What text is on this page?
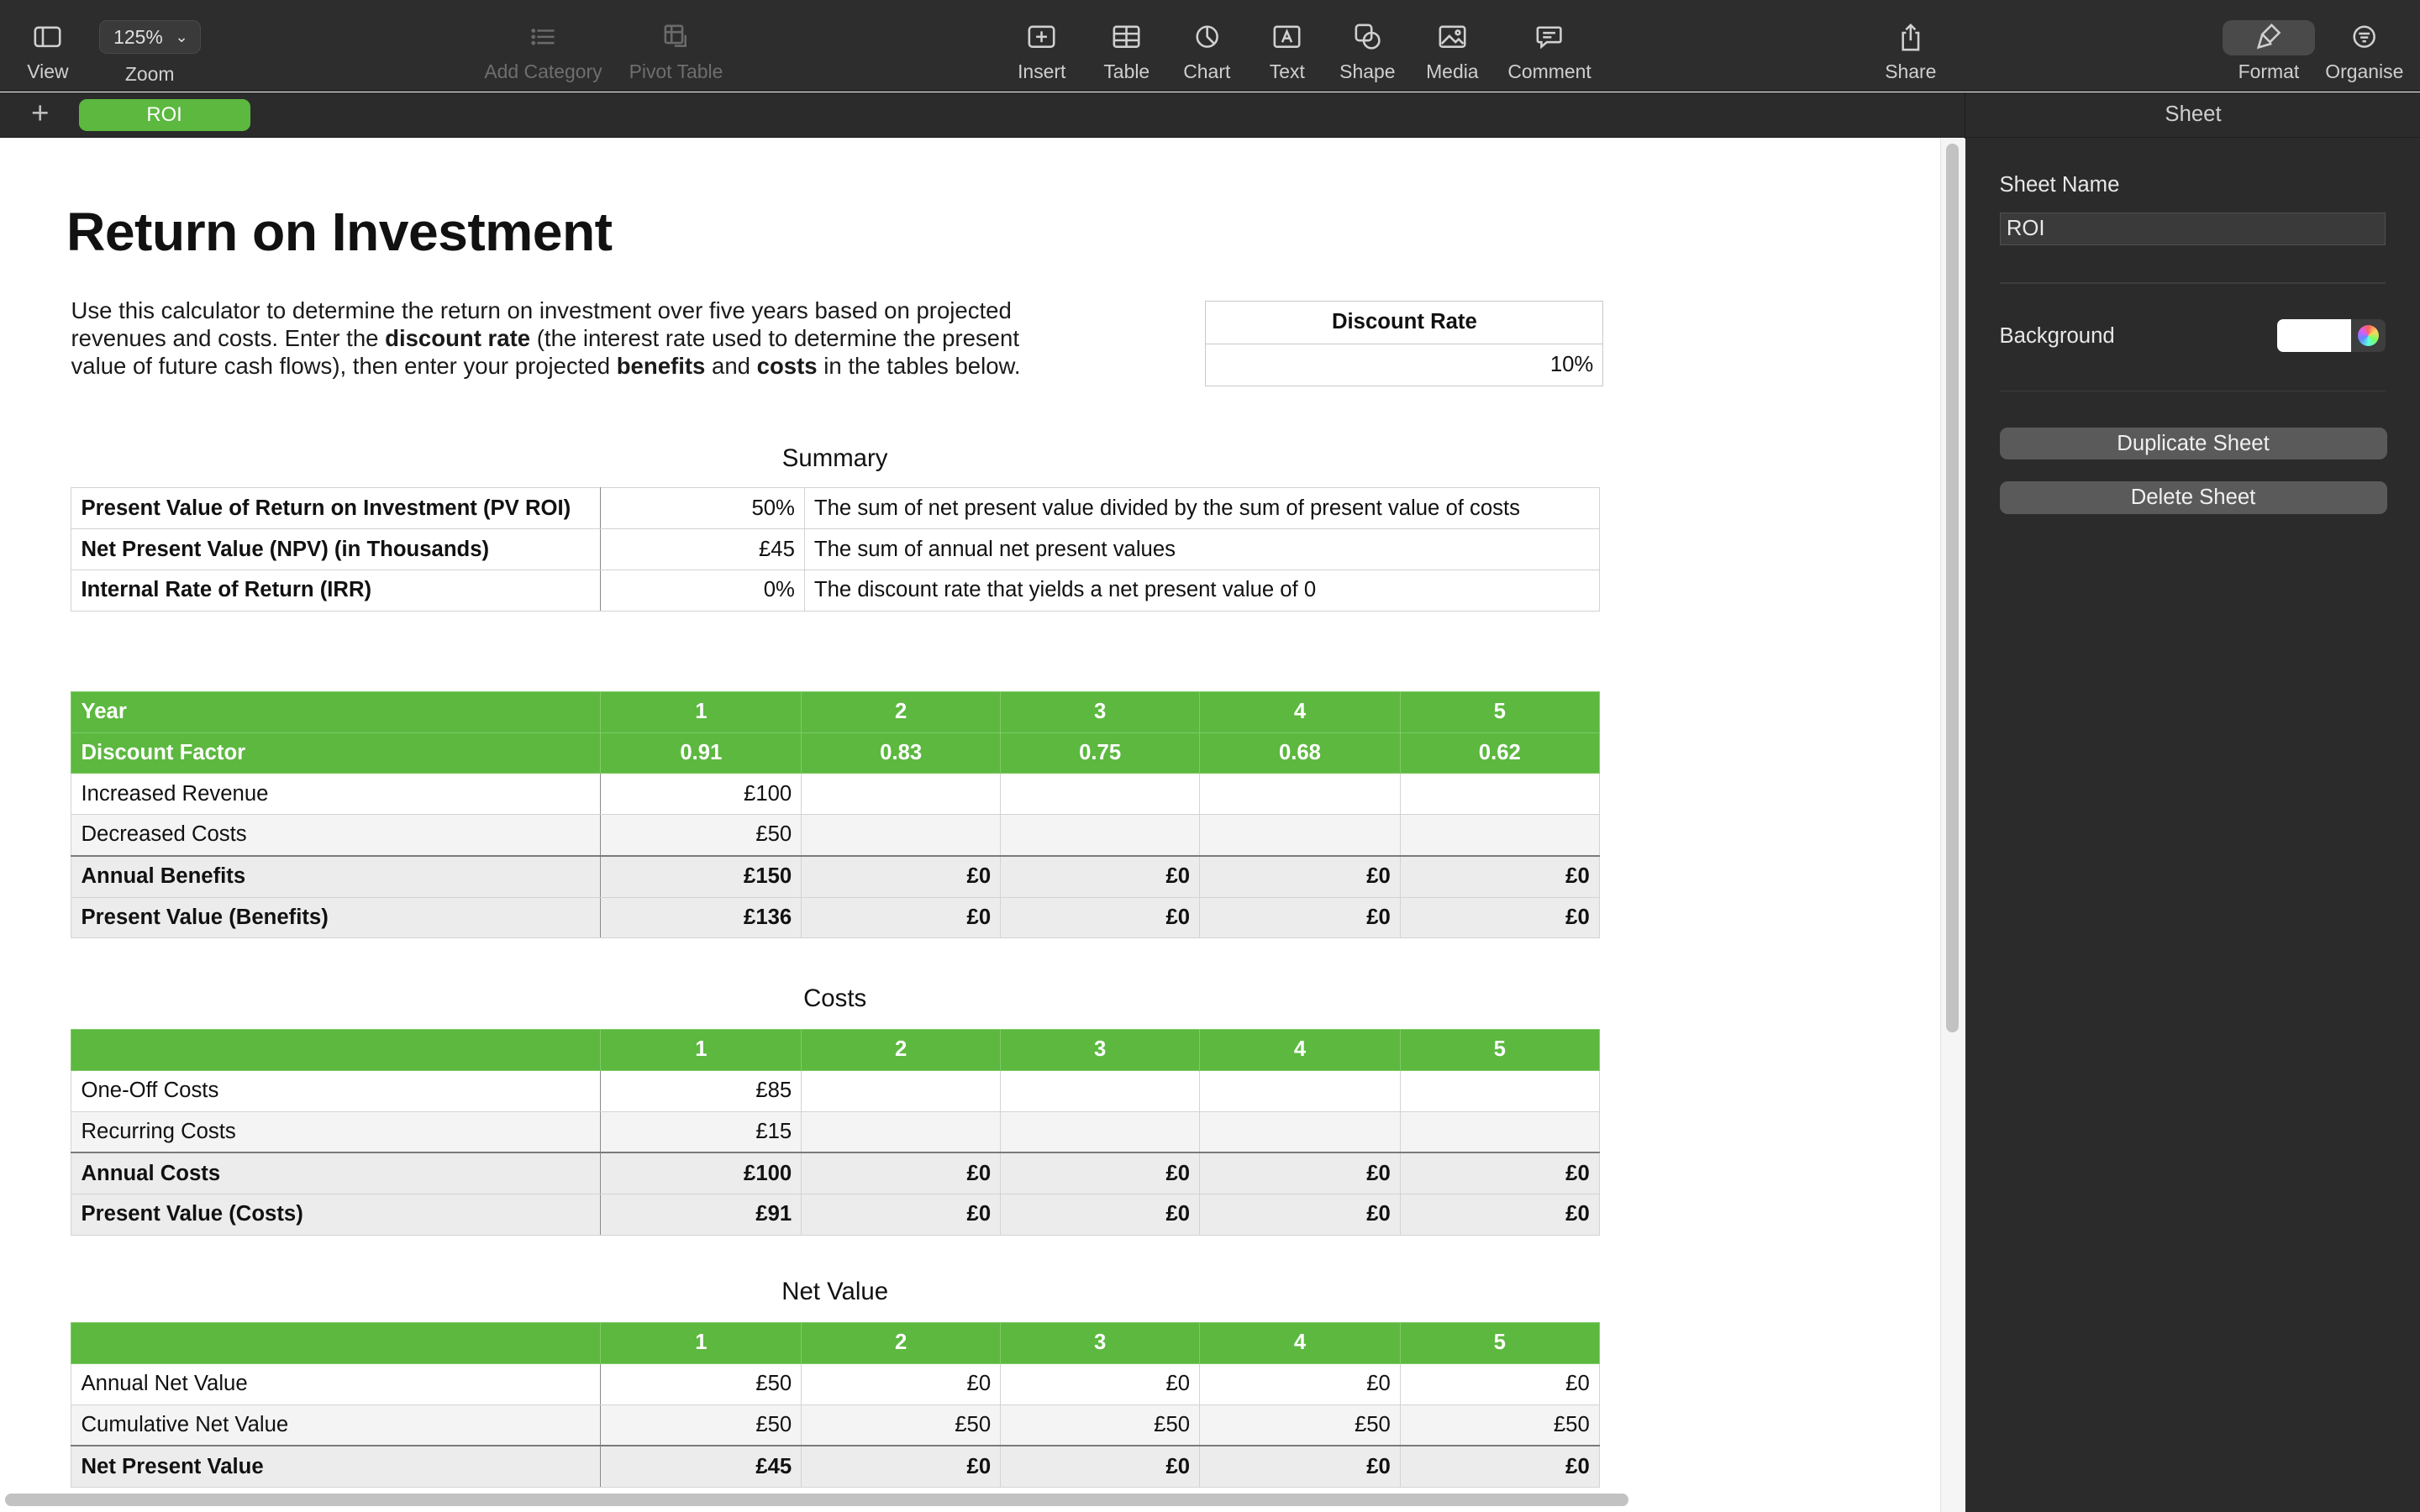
View
125% ⌄
Zoom	Add Category	Pivot Table	Insert	Table	Chart	Text	Shape	Media	Comment	Share	Format Organise
+	ROI	Sheet
Sheet Name
ROI
Background
Duplicate Sheet
Delete Sheet
Return on Investment
Use this calculator to determine the return on investment over five years based on projected revenues and costs. Enter the discount rate (the interest rate used to determine the present value of future cash flows), then enter your projected benefits and costs in the tables below.
Discount Rate
10%
Summary
Present Value of Return on Investment (PV ROI)	50%	The sum of net present value divided by the sum of present value of costs
Net Present Value (NPV) (in Thousands)	£45	The sum of annual net present values
Internal Rate of Return (IRR)	0%	The discount rate that yields a net present value of 0
Year	1	2	3	4	5
Discount Factor	0.91	0.83	0.75	0.68	0.62
Increased Revenue	£100				
Decreased Costs	£50				
Annual Benefits	£150	£0	£0	£0	£0
Present Value (Benefits)	£136	£0	£0	£0	£0
Costs
	1	2	3	4	5
One-Off Costs	£85				
Recurring Costs	£15				
Annual Costs	£100	£0	£0	£0	£0
Present Value (Costs)	£91	£0	£0	£0	£0
Net Value
	1	2	3	4	5
Annual Net Value	£50	£0	£0	£0	£0
Cumulative Net Value	£50	£50	£50	£50	£50
Net Present Value	£45	£0	£0	£0	£0
